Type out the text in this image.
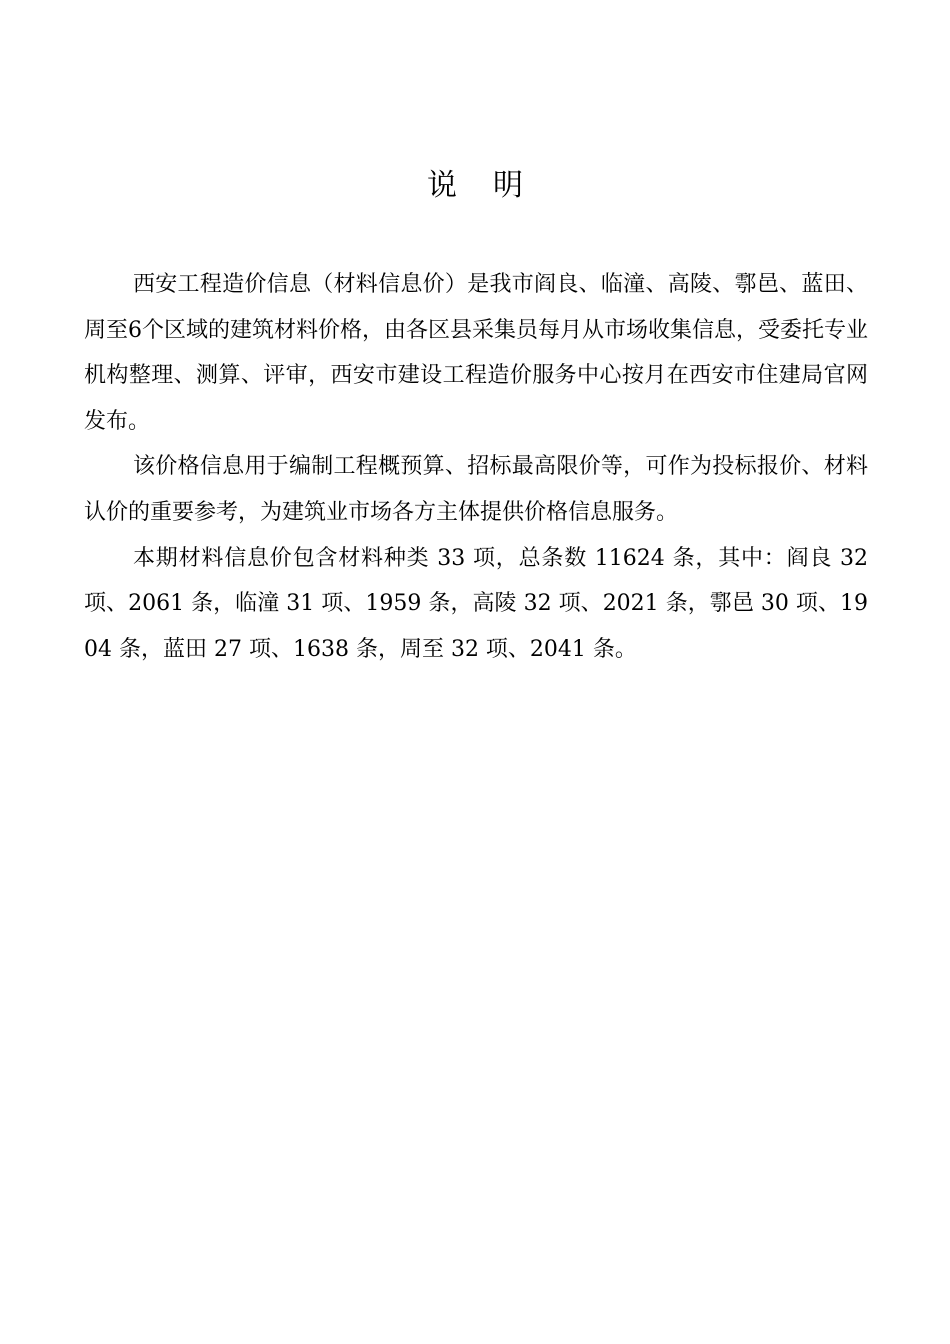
说明

西安工程造价信息（材料信息价）是我市阎良、临潼、高陵、鄠邑、蓝田、周至6个区域的建筑材料价格，由各区县采集员每月从市场收集信息，受委托专业机构整理、测算、评审，西安市建设工程造价服务中心按月在西安市住建局官网发布。

该价格信息用于编制工程概预算、招标最高限价等，可作为投标报价、材料认价的重要参考，为建筑业市场各方主体提供价格信息服务。

本期材料信息价包含材料种类 33 项，总条数 11624 条，其中：阎良 32 项、2061 条，临潼 31 项、1959 条，高陵 32 项、2021 条，鄠邑 30 项、1904 条，蓝田 27 项、1638 条，周至 32 项、2041 条。
